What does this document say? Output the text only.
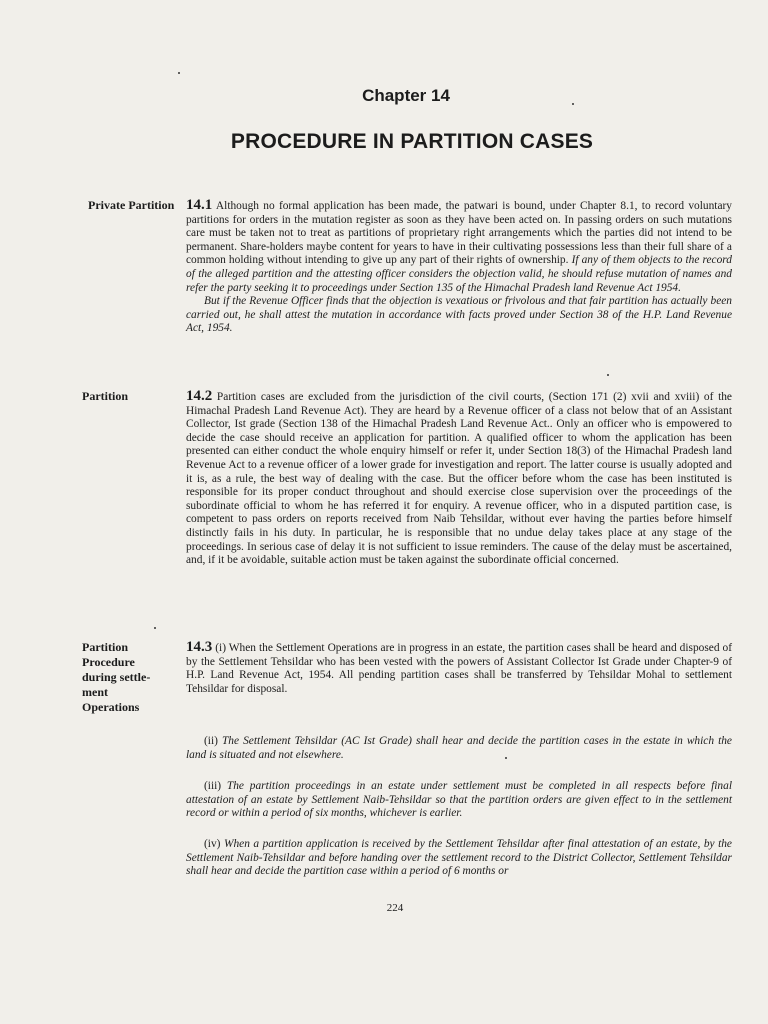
Chapter 14
PROCEDURE IN PARTITION CASES
Private Partition 14.1 Although no formal application has been made, the patwari is bound, under Chapter 8.1, to record voluntary partitions for orders in the mutation register as soon as they have been acted on. In passing orders on such mutations care must be taken not to treat as partitions of proprietary right arrangements which the parties did not intend to be permanent. Share-holders maybe content for years to have in their cultivating possessions less than their full share of a common holding without intending to give up any part of their rights of ownership. If any of them objects to the record of the alleged partition and the attesting officer considers the objection valid, he should refuse mutation of names and refer the party seeking it to proceedings under Section 135 of the Himachal Pradesh land Revenue Act 1954.

But if the Revenue Officer finds that the objection is vexatious or frivolous and that fair partition has actually been carried out, he shall attest the mutation in accordance with facts proved under Section 38 of the H.P. Land Revenue Act, 1954.

Partition	14.2 Partition cases are excluded from the jurisdiction of the civil courts, (Section 171 (2) xvii and xviii) of the Himachal Pradesh Land Revenue Act). They are heard by a Revenue officer of a class not below that of an Assistant Collector, Ist grade (Section 138 of the Himachal Pradesh Land Revenue Act.. Only an officer who is empowered to decide the case should receive an application for partition. A qualified officer to whom the application has been presented can either conduct the whole enquiry himself or refer it, under Section 18(3) of the Himachal Pradesh land Revenue Act to a revenue officer of a lower grade for investigation and report. The latter course is usually adopted and it is, as a rule, the best way of dealing with the case. But the officer before whom the case has been instituted is responsible for its proper conduct throughout and should exercise close supervision over the proceedings of the subordinate official to whom he has referred it for enquiry. A revenue officer, who in a disputed partition case, is competent to pass orders on reports received from Naib Tehsildar, without ever having the parties before himself distinctly fails in his duty. In particular, he is responsible that no undue delay takes place at any stage of the proceedings. In serious case of delay it is not sufficient to issue reminders. The cause of the delay must be ascertained, and, if it be avoidable, suitable action must be taken against the subordinate official concerned.

Partition
Procedure
during settle-
ment
Operations

14.3 (i) When the Settlement Operations are in progress in an estate, the partition cases shall be heard and disposed of by the Settlement Tehsildar who has been vested with the powers of Assistant Collector Ist Grade under Chapter-9 of H.P. Land Revenue Act, 1954. All pending partition cases shall be transferred by Tehsildar Mohal to settlement Tehsildar for disposal.

(ii) The Settlement Tehsildar (AC Ist Grade) shall hear and decide the partition cases in the estate in which the land is situated and not elsewhere.

(iii) The partition proceedings in an estate under settlement must be completed in all respects before final attestation of an estate by Settlement Naib-Tehsildar so that the partition orders are given effect to in the settlement record or within a period of six months, whichever is earlier.

(iv) When a partition application is received by the Settlement Tehsildar after final attestation of an estate, by the Settlement Naib-Tehsildar and before handing over the settlement record to the District Collector, Settlement Tehsildar shall hear and decide the partition case within a period of 6 months or

224
